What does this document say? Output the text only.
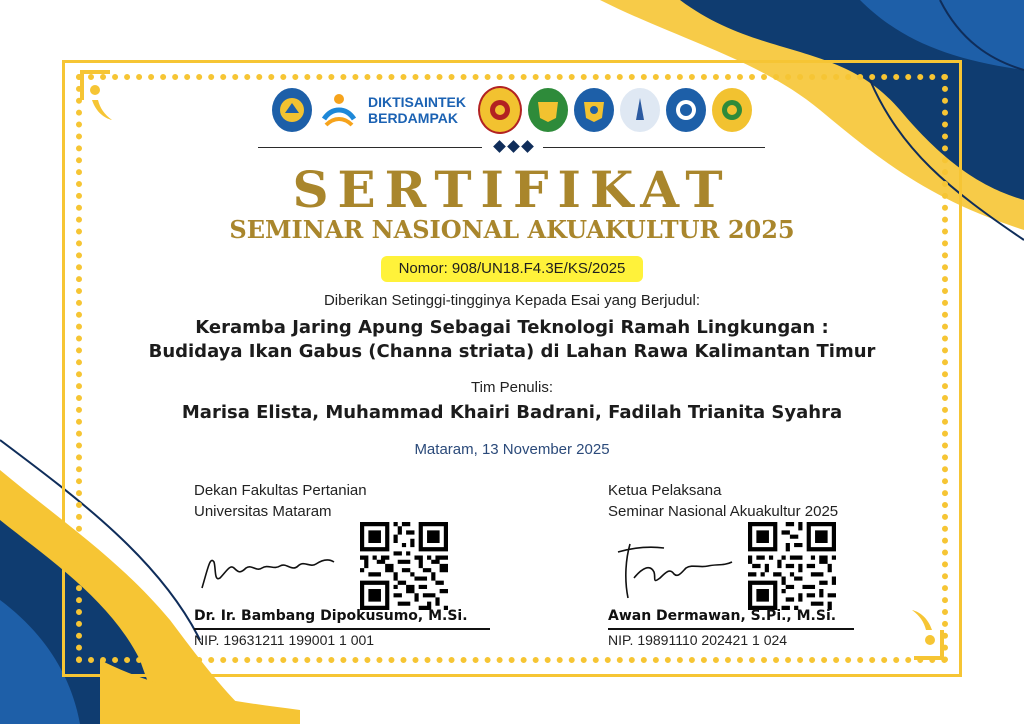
DIKTISAINTEK
BERDAMPAK
SERTIFIKAT
SEMINAR NASIONAL AKUAKULTUR 2025
Nomor: 908/UN18.F4.3E/KS/2025
Diberikan Setinggi-tingginya Kepada Esai yang Berjudul:
Keramba Jaring Apung Sebagai Teknologi Ramah Lingkungan :
Budidaya Ikan Gabus (Channa striata) di Lahan Rawa Kalimantan Timur
Tim Penulis:
Marisa Elista, Muhammad Khairi Badrani, Fadilah Trianita Syahra
Mataram, 13 November 2025
Dekan Fakultas Pertanian
Universitas Mataram
Dr. Ir. Bambang Dipokusumo, M.Si.
NIP. 19631211 199001 1 001
Ketua Pelaksana
Seminar Nasional Akuakultur 2025
Awan Dermawan, S.Pi., M.Si.
NIP. 19891110 202421 1 024
